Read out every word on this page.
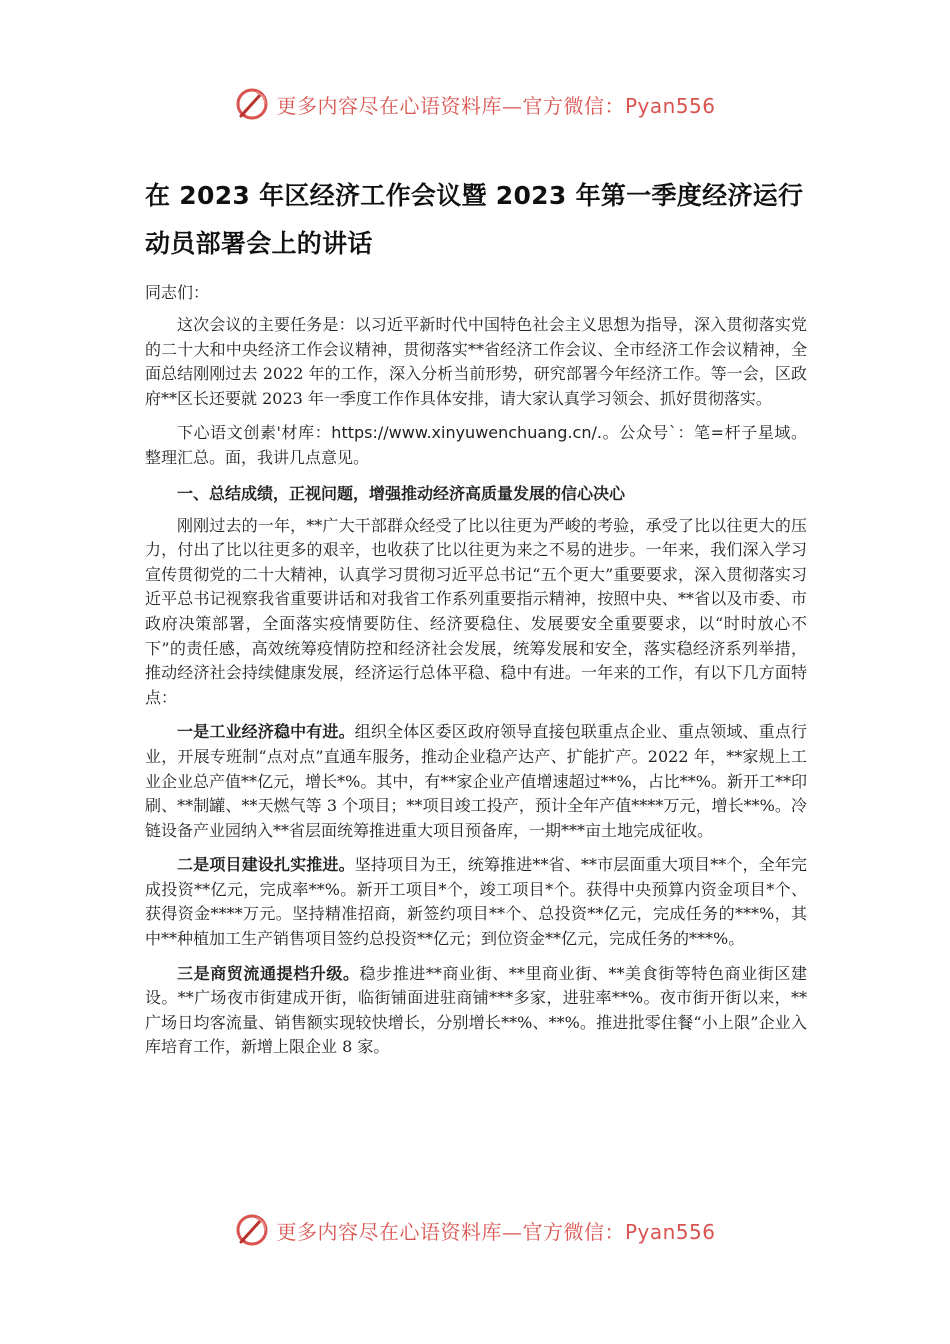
更多内容尽在心语资料库—官方微信：Pyan556
在 2023 年区经济工作会议暨 2023 年第一季度经济运行动员部署会上的讲话
同志们：

这次会议的主要任务是：以习近平新时代中国特色社会主义思想为指导，深入贯彻落实党的二十大和中央经济工作会议精神，贯彻落实**省经济工作会议、全市经济工作会议精神，全面总结刚刚过去 2022 年的工作，深入分析当前形势，研究部署今年经济工作。等一会，区政府**区长还要就 2023 年一季度工作作具体安排，请大家认真学习领会、抓好贯彻落实。

下心语文创素'材库：https://www.xinyuwenchuang.cn/.。公众号`：笔=杆子星域。整理汇总。面，我讲几点意见。

一、总结成绩，正视问题，增强推动经济高质量发展的信心决心

刚刚过去的一年，**广大干部群众经受了比以往更为严峻的考验，承受了比以往更大的压力，付出了比以往更多的艰辛，也收获了比以往更为来之不易的进步。一年来，我们深入学习宣传贯彻党的二十大精神，认真学习贯彻习近平总书记“五个更大”重要要求，深入贯彻落实习近平总书记视察我省重要讲话和对我省工作系列重要指示精神，按照中央、**省以及市委、市政府决策部署，全面落实疫情要防住、经济要稳住、发展要安全重要要求，以“时时放心不下”的责任感，高效统筹疫情防控和经济社会发展，统筹发展和安全，落实稳经济系列举措，推动经济社会持续健康发展，经济运行总体平稳、稳中有进。一年来的工作，有以下几方面特点：

一是工业经济稳中有进。组织全体区委区政府领导直接包联重点企业、重点领域、重点行业，开展专班制“点对点”直通车服务，推动企业稳产达产、扩能扩产。2022 年，**家规上工业企业总产值**亿元，增长*%。其中，有**家企业产值增速超过**%，占比**%。新开工**印刷、**制罐、**天燃气等 3 个项目；**项目竣工投产，预计全年产值****万元，增长**%。冷链设备产业园纳入**省层面统筹推进重大项目预备库，一期***亩土地完成征收。

二是项目建设扎实推进。坚持项目为王，统筹推进**省、**市层面重大项目**个，全年完成投资**亿元，完成率**%。新开工项目*个，竣工项目*个。获得中央预算内资金项目*个、获得资金****万元。坚持精准招商，新签约项目**个、总投资**亿元，完成任务的***%，其中**种植加工生产销售项目签约总投资**亿元；到位资金**亿元，完成任务的***%。

三是商贸流通提档升级。稳步推进**商业街、**里商业街、**美食街等特色商业街区建设。**广场夜市街建成开街，临街铺面进驻商铺***多家，进驻率**%。夜市街开街以来，**广场日均客流量、销售额实现较快增长，分别增长**%、**%。推进批零住餐“小上限”企业入库培育工作，新增上限企业 8 家。

更多内容尽在心语资料库—官方微信：Pyan556
